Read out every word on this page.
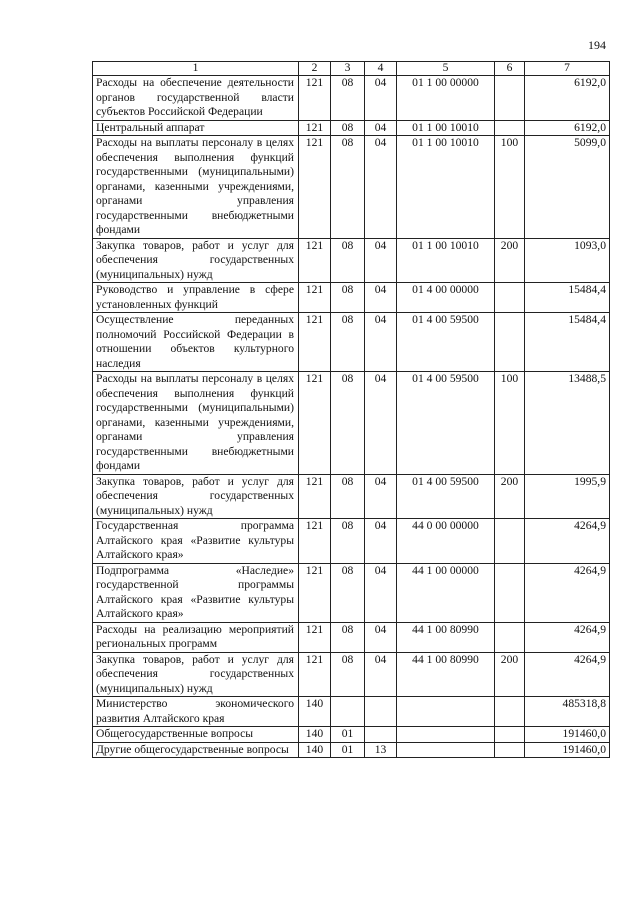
194
1	2	3	4	5	6	7
Расходы на обеспечение деятельности органов государственной власти субъектов Российской Федерации	121	08	04	01 1 00 00000		6192,0
Центральный аппарат	121	08	04	01 1 00 10010		6192,0
Расходы на выплаты персоналу в целях обеспечения выполнения функций государственными (муниципальными) органами, казенными учреждениями, органами управления государственными внебюджетными фондами	121	08	04	01 1 00 10010	100	5099,0
Закупка товаров, работ и услуг для обеспечения государственных (муниципальных) нужд	121	08	04	01 1 00 10010	200	1093,0
Руководство и управление в сфере установленных функций	121	08	04	01 4 00 00000		15484,4
Осуществление переданных полномочий Российской Федерации в отношении объектов культурного наследия	121	08	04	01 4 00 59500		15484,4
Расходы на выплаты персоналу в целях обеспечения выполнения функций государственными (муниципальными) органами, казенными учреждениями, органами управления государственными внебюджетными фондами	121	08	04	01 4 00 59500	100	13488,5
Закупка товаров, работ и услуг для обеспечения государственных (муниципальных) нужд	121	08	04	01 4 00 59500	200	1995,9
Государственная программа Алтайского края «Развитие культуры Алтайского края»	121	08	04	44 0 00 00000		4264,9
Подпрограмма «Наследие» государственной программы Алтайского края «Развитие культуры Алтайского края»	121	08	04	44 1 00 00000		4264,9
Расходы на реализацию мероприятий региональных программ	121	08	04	44 1 00 80990		4264,9
Закупка товаров, работ и услуг для обеспечения государственных (муниципальных) нужд	121	08	04	44 1 00 80990	200	4264,9
Министерство экономического развития Алтайского края	140					485318,8
Общегосударственные вопросы	140	01				191460,0
Другие общегосударственные вопросы	140	01	13			191460,0
